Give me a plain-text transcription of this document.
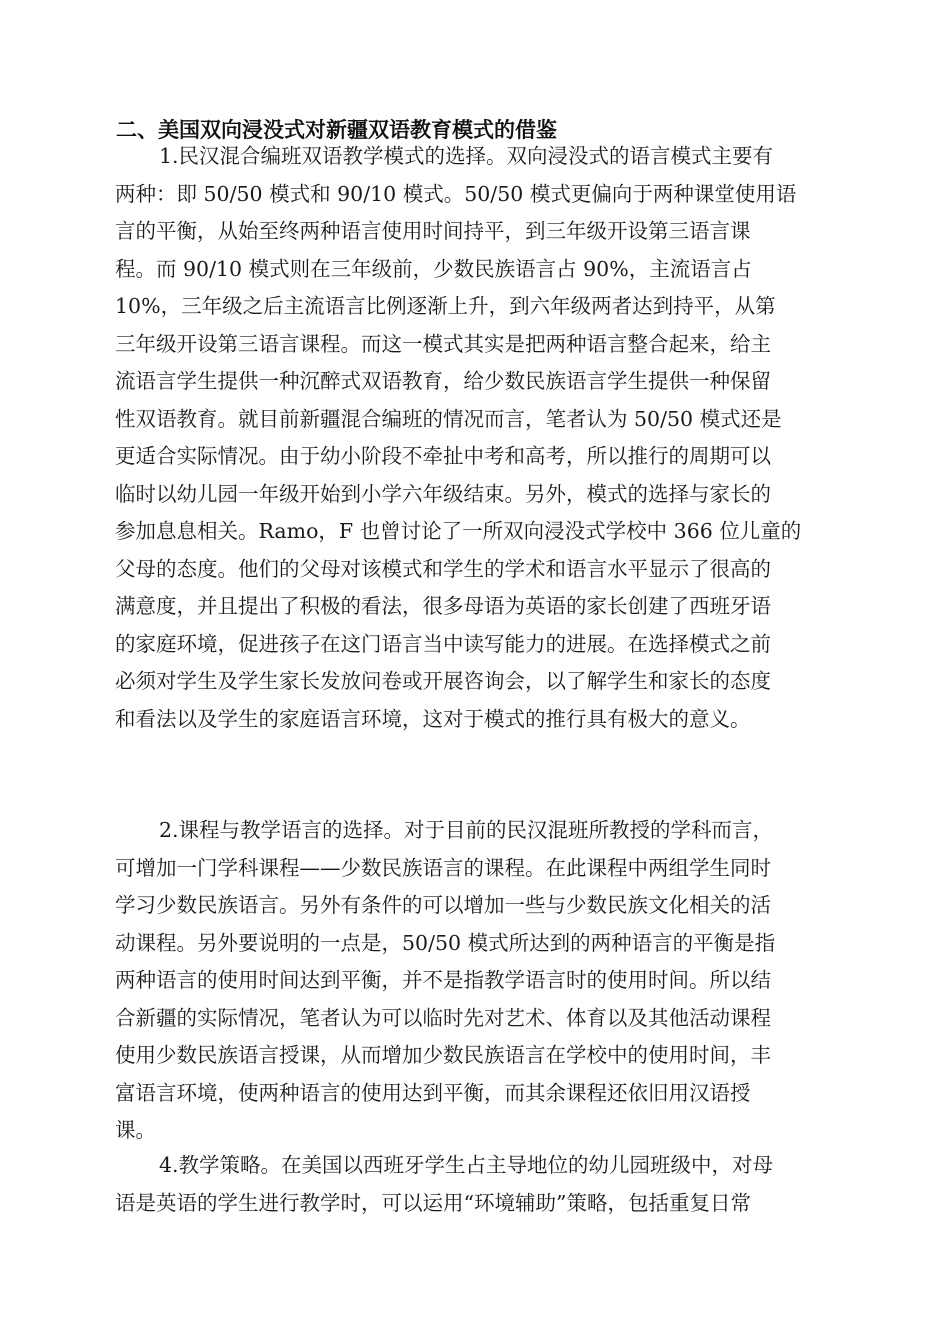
二、美国双向浸没式对新疆双语教育模式的借鉴
1.民汉混合编班双语教学模式的选择。双向浸没式的语言模式主要有
两种：即 50/50 模式和 90/10 模式。50/50 模式更偏向于两种课堂使用语
言的平衡，从始至终两种语言使用时间持平，到三年级开设第三语言课
程。而 90/10 模式则在三年级前，少数民族语言占 90%，主流语言占
10%，三年级之后主流语言比例逐渐上升，到六年级两者达到持平，从第
三年级开设第三语言课程。而这一模式其实是把两种语言整合起来，给主
流语言学生提供一种沉醉式双语教育，给少数民族语言学生提供一种保留
性双语教育。就目前新疆混合编班的情况而言，笔者认为 50/50 模式还是
更适合实际情况。由于幼小阶段不牵扯中考和高考，所以推行的周期可以
临时以幼儿园一年级开始到小学六年级结束。另外，模式的选择与家长的
参加息息相关。Ramo，F 也曾讨论了一所双向浸没式学校中 366 位儿童的
父母的态度。他们的父母对该模式和学生的学术和语言水平显示了很高的
满意度，并且提出了积极的看法，很多母语为英语的家长创建了西班牙语
的家庭环境，促进孩子在这门语言当中读写能力的进展。在选择模式之前
必须对学生及学生家长发放问卷或开展咨询会，以了解学生和家长的态度
和看法以及学生的家庭语言环境，这对于模式的推行具有极大的意义。
2.课程与教学语言的选择。对于目前的民汉混班所教授的学科而言，
可增加一门学科课程——少数民族语言的课程。在此课程中两组学生同时
学习少数民族语言。另外有条件的可以增加一些与少数民族文化相关的活
动课程。另外要说明的一点是，50/50 模式所达到的两种语言的平衡是指
两种语言的使用时间达到平衡，并不是指教学语言时的使用时间。所以结
合新疆的实际情况，笔者认为可以临时先对艺术、体育以及其他活动课程
使用少数民族语言授课，从而增加少数民族语言在学校中的使用时间，丰
富语言环境，使两种语言的使用达到平衡，而其余课程还依旧用汉语授
课。
4.教学策略。在美国以西班牙学生占主导地位的幼儿园班级中，对母
语是英语的学生进行教学时，可以运用“环境辅助”策略，包括重复日常
